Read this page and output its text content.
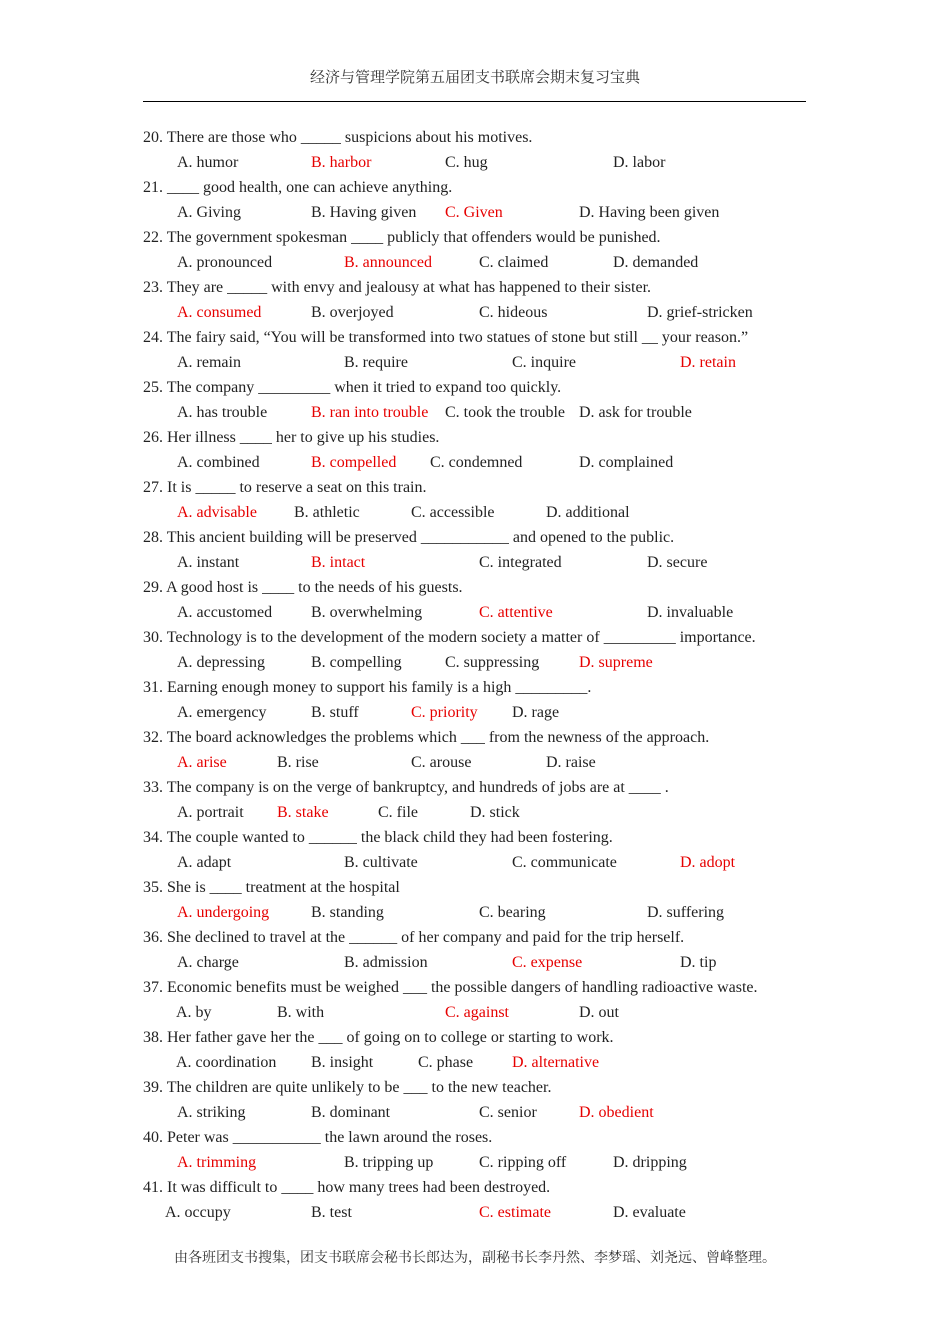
经济与管理学院第五届团支书联席会期末复习宝典
20. There are those who _____ suspicions about his motives.
A. humor	B. harbor	C. hug	D. labor
21. ____ good health, one can achieve anything.
A. Giving	B. Having given C. Given	D. Having been given
22. The government spokesman ____ publicly that offenders would be punished.
A. pronounced	B. announced	C. claimed	D. demanded
23. They are _____ with envy and jealousy at what has happened to their sister.
A. consumed	B. overjoyed	C. hideous	D. grief-stricken
24. The fairy said, “You will be transformed into two statues of stone but still __ your reason.”
A. remain	B. require	C. inquire	D. retain
25. The company _________ when it tried to expand too quickly.
A. has trouble	B. ran into trouble C. took the trouble D. ask for trouble
26. Her illness ____ her to give up his studies.
A. combined	B. compelled C. condemned	D. complained
27. It is _____ to reserve a seat on this train.
A. advisable B. athletic	C. accessible	D. additional
28. This ancient building will be preserved ___________ and opened to the public.
A. instant	B. intact	C. integrated	D. secure
29. A good host is ____ to the needs of his guests.
A. accustomed B. overwhelming	C. attentive	D. invaluable
30. Technology is to the development of the modern society a matter of _________ importance.
A. depressing	B. compelling	C. suppressing D. supreme
31. Earning enough money to support his family is a high _________.
A. emergency	B. stuff	C. priority D. rage
32. The board acknowledges the problems which ___ from the newness of the approach.
A. arise	B. rise	C. arouse	D. raise
33. The company is on the verge of bankruptcy, and hundreds of jobs are at ____ .
A. portrait B. stake	C. file	D. stick
34. The couple wanted to ______ the black child they had been fostering.
A. adapt	B. cultivate	C. communicate	D. adopt
35. She is ____ treatment at the hospital
A. undergoing	B. standing	C. bearing	D. suffering
36. She declined to travel at the ______ of her company and paid for the trip herself.
A. charge	B. admission	C. expense	D. tip
37. Economic benefits must be weighed ___ the possible dangers of handling radioactive waste.
A. by	B. with	C. against	D. out
38. Her father gave her the ___ of going on to college or starting to work.
A. coordination B. insight	C. phase D. alternative
39. The children are quite unlikely to be ___ to the new teacher.
A. striking	B. dominant	C. senior	D. obedient
40. Peter was ___________ the lawn around the roses.
A. trimming	B. tripping up	C. ripping off	D. dripping
41. It was difficult to ____ how many trees had been destroyed.
A. occupy	B. test	C. estimate	D. evaluate
由各班团支书搜集，团支书联席会秘书长郎达为，副秘书长李丹然、李梦瑶、刘尧远、曾峰整理。
